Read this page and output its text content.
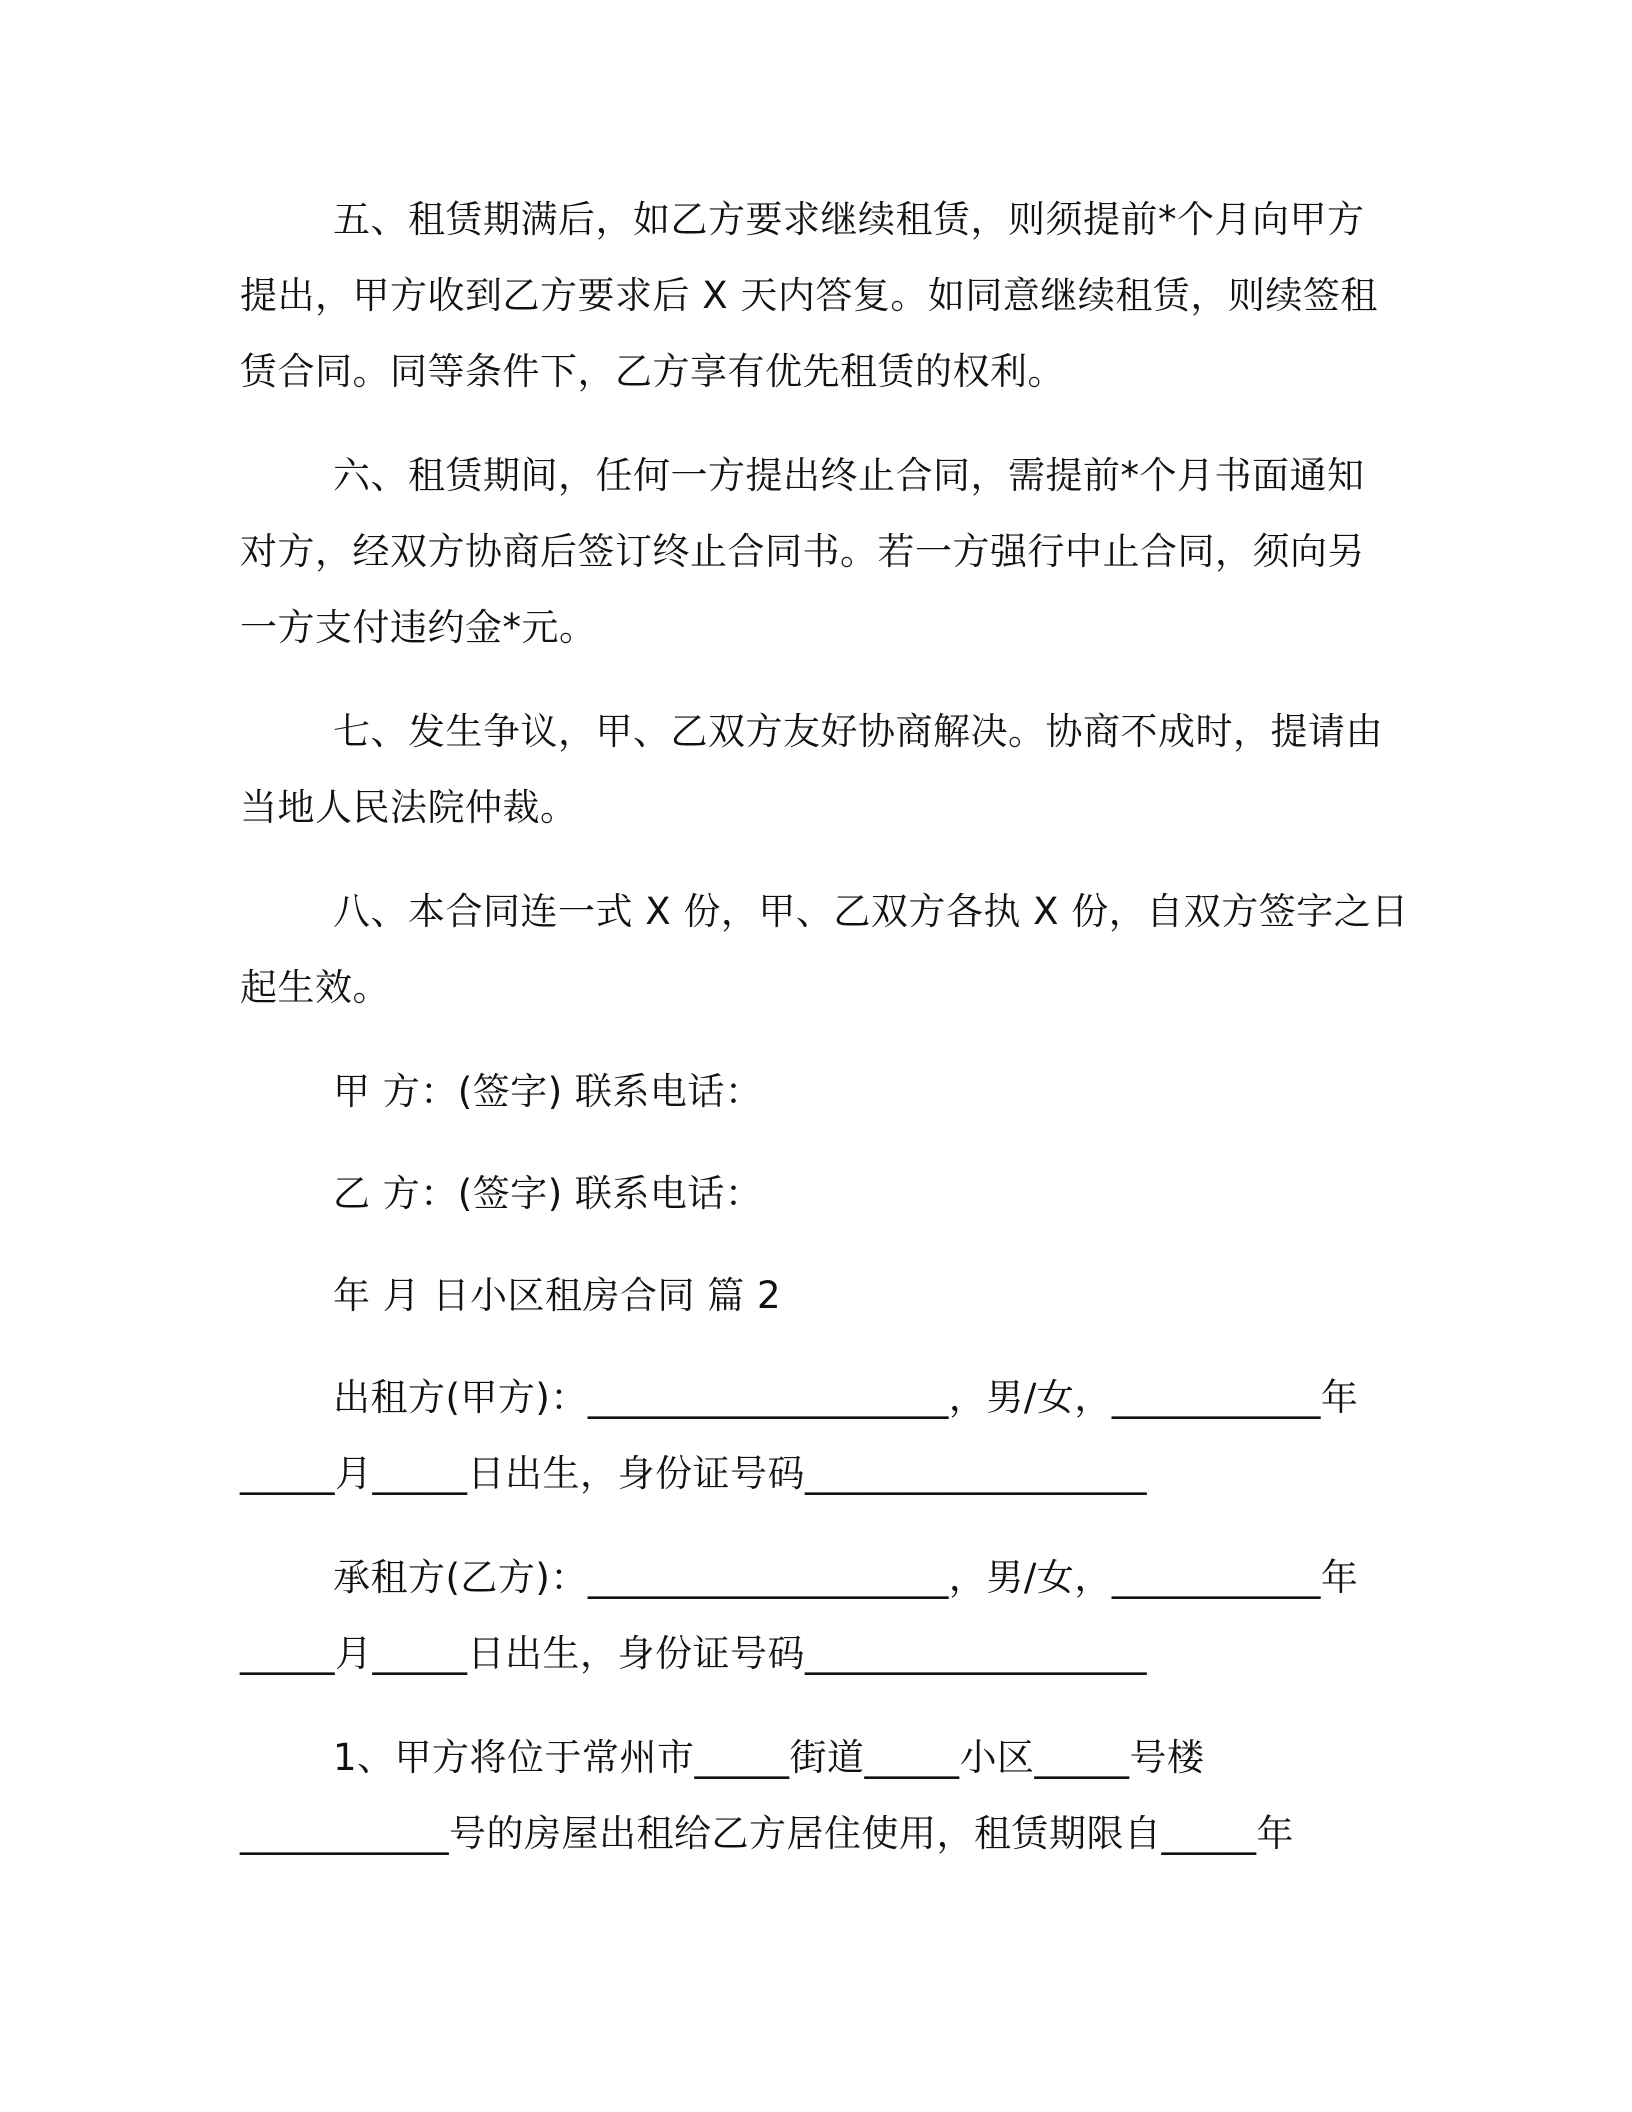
五、租赁期满后，如乙方要求继续租赁，则须提前*个月向甲方
提出，甲方收到乙方要求后 X 天内答复。如同意继续租赁，则续签租
赁合同。同等条件下，乙方享有优先租赁的权利。
六、租赁期间，任何一方提出终止合同，需提前*个月书面通知
对方，经双方协商后签订终止合同书。若一方强行中止合同，须向另
一方支付违约金*元。
七、发生争议，甲、乙双方友好协商解决。协商不成时，提请由
当地人民法院仲裁。
八、本合同连一式 X 份，甲、乙双方各执 X 份，自双方签字之日
起生效。
甲 方：(签字) 联系电话：
乙 方：(签字) 联系电话：
年 月 日小区租房合同 篇 2
出租方(甲方)：___________________，男/女，___________年
_____月_____日出生，身份证号码__________________
承租方(乙方)：___________________，男/女，___________年
_____月_____日出生，身份证号码__________________
1、甲方将位于常州市_____街道_____小区_____号楼
___________号的房屋出租给乙方居住使用，租赁期限自_____年
